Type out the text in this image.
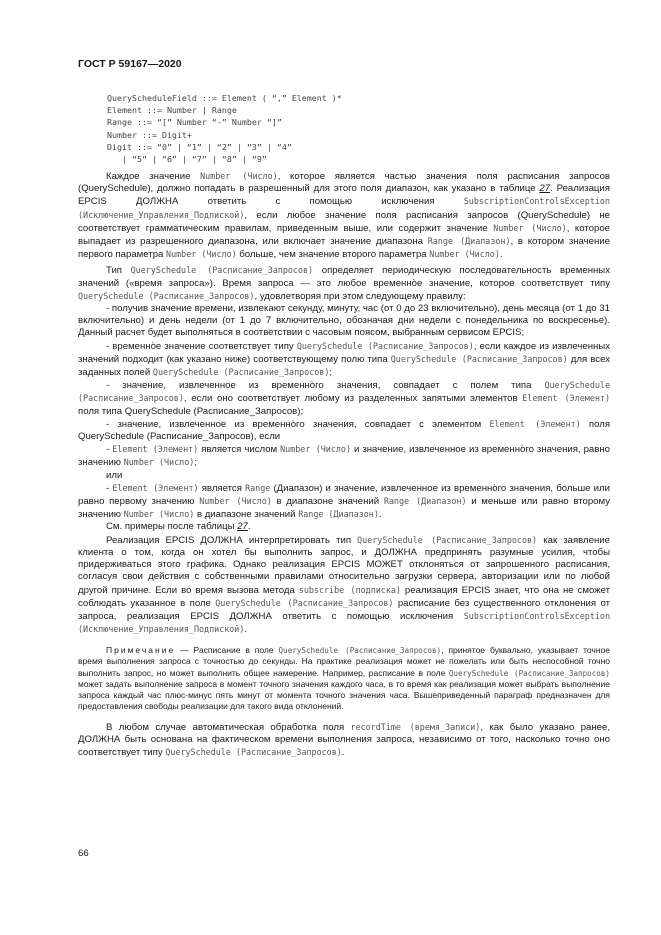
ГОСТ Р 59167—2020
QueryScheduleField ::= Element ( “,” Element )*
Element ::= Number | Range
Range ::= “[” Number “-” Number “]”
Number ::= Digit+
Digit ::= “0” | “1” | “2” | “3” | “4”
| “5” | “6” | “7” | “8” | “9”

Каждое значение Number (Число), которое является частью значения поля расписания запросов (QuerySchedule), должно попадать в разрешенный для этого поля диапазон, как указано в таблице 27. Реализация EPCIS ДОЛЖНА ответить с помощью исключения SubscriptionControlsException (Исключение_Управления_Подпиской), если любое значение поля расписания запросов (QuerySchedule) не соответствует грамматическим правилам, приведенным выше, или содержит значение Number (Число), которое выпадает из разрешенного диапазона, или включает значение диапазона Range (Диапазон), в котором значение первого параметра Number (Число) больше, чем значение второго параметра Number (Число).

Тип QuerySchedule (Расписание_Запросов) определяет периодическую последовательность временных значений («время запроса»). Время запроса — это любое временно̀е значение, которое соответствует типу QuerySchedule (Расписание_Запросов), удовлетворяя при этом следующему правилу:

- получив значение времени, извлекают секунду, минуту, час (от 0 до 23 включительно), день месяца (от 1 до 31 включительно) и день недели (от 1 до 7 включительно, обозначая дни недели с понедельника по воскресенье). Данный расчет будет выполняться в соответствии с часовым поясом, выбранным сервисом EPCIS;

- временно̀е значение соответствует типу QuerySchedule (Расписание_Запросов), если каждое из извлеченных значений подходит (как указано ниже) соответствующему полю типа QuerySchedule (Расписание_Запросов) для всех заданных полей QuerySchedule (Расписание_Запросов);

- значение, извлеченное из временно̀го значения, совпадает с полем типа QuerySchedule (Расписание_Запросов), если оно соответствует любому из разделенных запятыми элементов Element (Элемент) поля типа QuerySchedule (Расписание_Запросов);

- значение, извлеченное из временно̀го значения, совпадает с элементом Element (Элемент) поля QuerySchedule (Расписание_Запросов), если

- Element (Элемент) является числом Number (Число) и значение, извлеченное из временно̀го значения, равно значению Number (Число);

или

- Element (Элемент) является Range (Диапазон) и значение, извлеченное из временно̀го значения, больше или равно первому значению Number (Число) в диапазоне значений Range (Диапазон) и меньше или равно второму значению Number (Число) в диапазоне значений Range (Диапазон).

См. примеры после таблицы 27.

Реализация EPCIS ДОЛЖНА интерпретировать тип QuerySchedule (Расписание_Запросов) как заявление клиента о том, когда он хотел бы выполнить запрос, и ДОЛЖНА предпринять разумные усилия, чтобы придерживаться этого графика. Однако реализация EPCIS МОЖЕТ отклоняться от запрошенного расписания, согласуя свои действия с собственными правилами относительно загрузки сервера, авторизации или по любой другой причине. Если во время вызова метода subscribe (подписка) реализация EPCIS знает, что она не сможет соблюдать указанное в поле QuerySchedule (Расписание_Запросов) расписание без существенного отклонения от запроса, реализация EPCIS ДОЛЖНА ответить с помощью исключения SubscriptionControlsException (Исключение_Управления_Подпиской).

Примечание — Расписание в поле QuerySchedule (Расписание_Запросов), принятое буквально, указывает точное время выполнения запроса с точностью до секунды. На практике реализация может не пожелать или быть неспособной точно выполнить запрос, но может выполнить общее намерение. Например, расписание в поле QuerySchedule (Расписание_Запросов) может задать выполнение запроса в момент точного значения каждого часа, в то время как реализация может выбрать выполнение запроса каждый час плюс-минус пять минут от момента точного значения часа. Вышеприведенный параграф предназначен для предоставления свободы реализации для такого вида отклонений.

В любом случае автоматическая обработка поля recordTime (время_Записи), как было указано ранее, ДОЛЖНА быть основана на фактическом времени выполнения запроса, независимо от того, насколько точно оно соответствует типу QuerySchedule (Расписание_Запросов).

66
